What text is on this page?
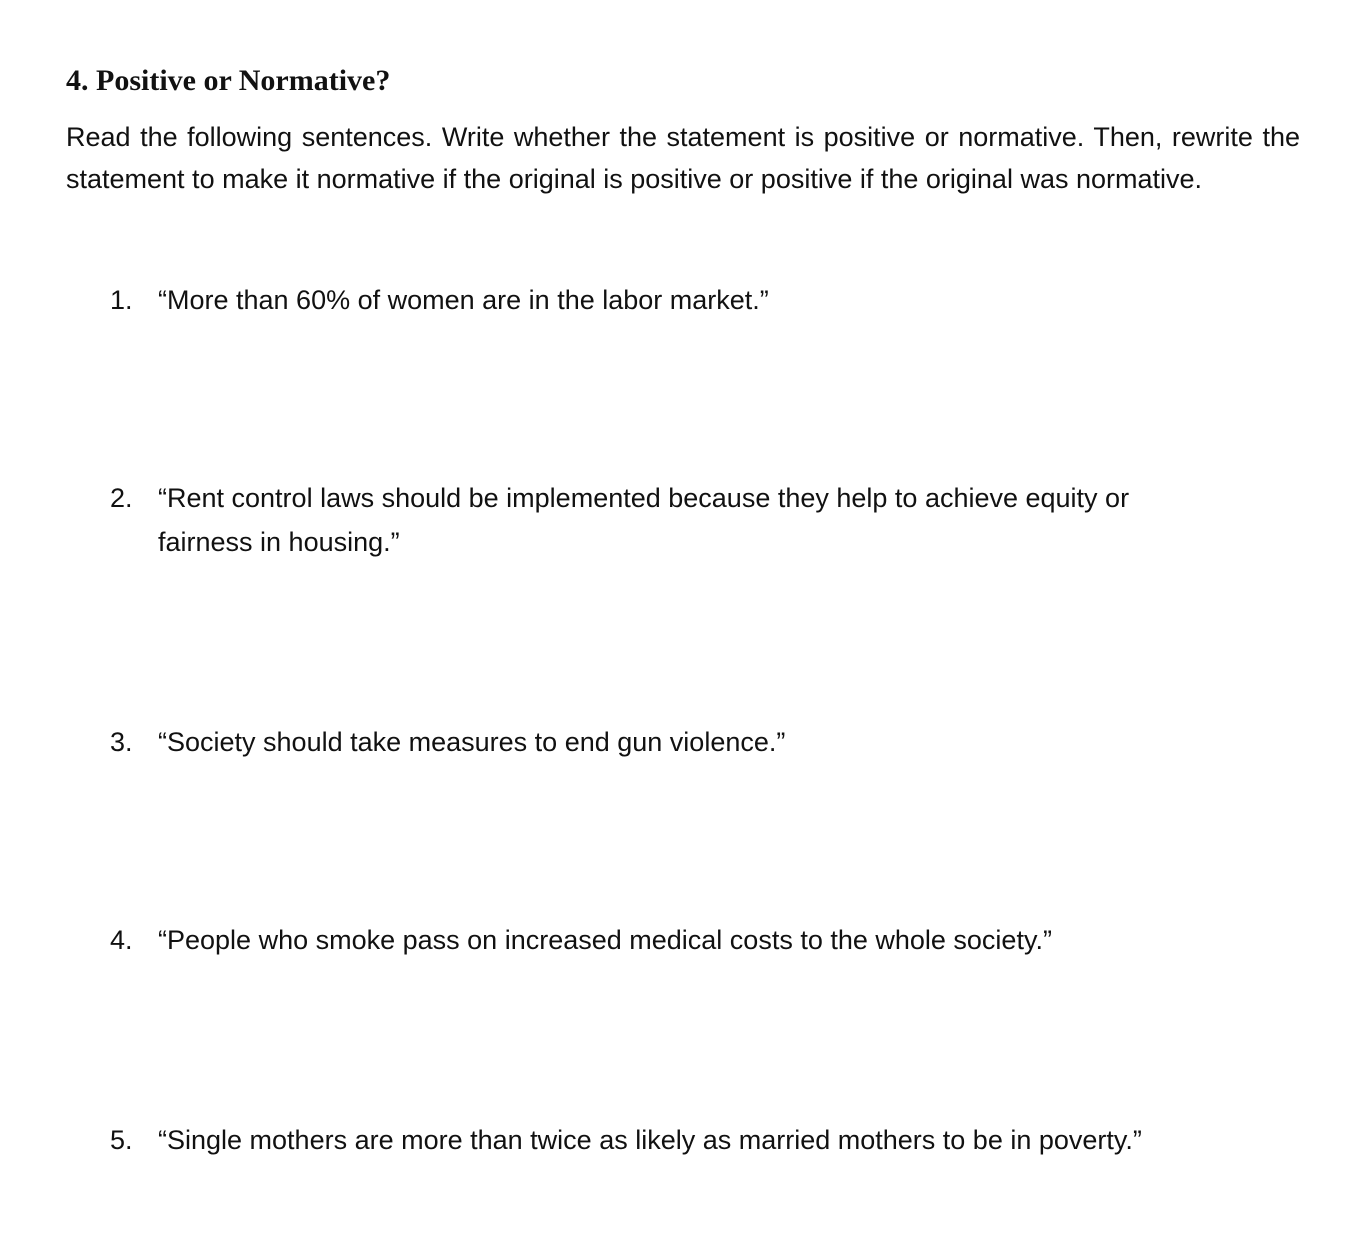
4. Positive or Normative?

Read the following sentences. Write whether the statement is positive or normative. Then, rewrite the statement to make it normative if the original is positive or positive if the original was normative.

1. “More than 60% of women are in the labor market.”
2. “Rent control laws should be implemented because they help to achieve equity or fairness in housing.”
3. “Society should take measures to end gun violence.”
4. “People who smoke pass on increased medical costs to the whole society.”
5. “Single mothers are more than twice as likely as married mothers to be in poverty.”
